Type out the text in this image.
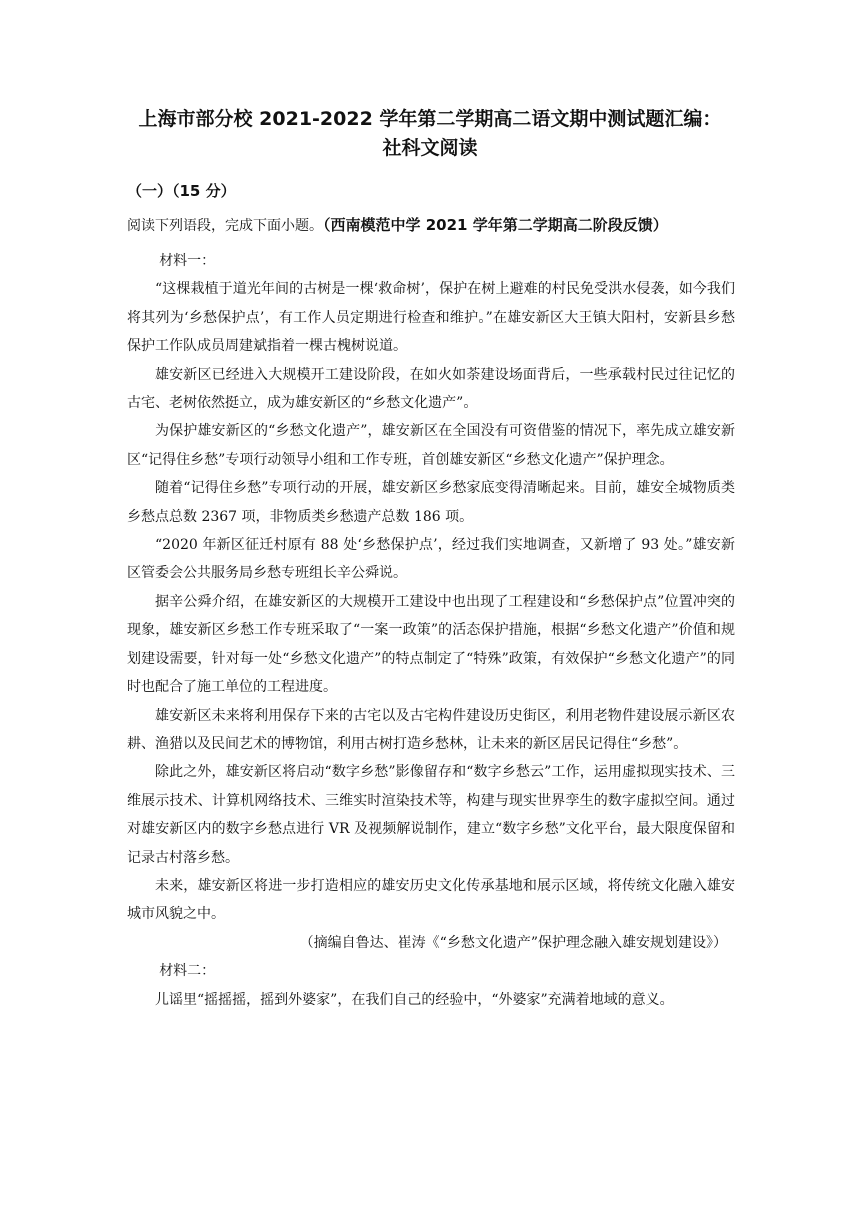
上海市部分校 2021-2022 学年第二学期高二语文期中测试题汇编：
社科文阅读
（一）（15 分）
阅读下列语段，完成下面小题。（西南模范中学 2021 学年第二学期高二阶段反馈）

材料一：

“这棵栽植于道光年间的古树是一棵‘救命树’，保护在树上避难的村民免受洪水侵袭，如今我们将其列为‘乡愁保护点’，有工作人员定期进行检查和维护。”在雄安新区大王镇大阳村，安新县乡愁保护工作队成员周建斌指着一棵古槐树说道。

雄安新区已经进入大规模开工建设阶段，在如火如荼建设场面背后，一些承载村民过往记忆的古宅、老树依然挺立，成为雄安新区的“乡愁文化遗产”。

为保护雄安新区的“乡愁文化遗产”，雄安新区在全国没有可资借鉴的情况下，率先成立雄安新区“记得住乡愁”专项行动领导小组和工作专班，首创雄安新区“乡愁文化遗产”保护理念。

随着“记得住乡愁”专项行动的开展，雄安新区乡愁家底变得清晰起来。目前，雄安全城物质类乡愁点总数 2367 项，非物质类乡愁遗产总数 186 项。

“2020 年新区征迁村原有 88 处‘乡愁保护点’，经过我们实地调查，又新增了 93 处。”雄安新区管委会公共服务局乡愁专班组长辛公舜说。

据辛公舜介绍，在雄安新区的大规模开工建设中也出现了工程建设和“乡愁保护点”位置冲突的现象，雄安新区乡愁工作专班采取了“一案一政策”的活态保护措施，根据“乡愁文化遗产”价值和规划建设需要，针对每一处“乡愁文化遗产”的特点制定了“特殊”政策，有效保护“乡愁文化遗产”的同时也配合了施工单位的工程进度。

雄安新区未来将利用保存下来的古宅以及古宅构件建设历史街区，利用老物件建设展示新区农耕、渔猎以及民间艺术的博物馆，利用古树打造乡愁林，让未来的新区居民记得住“乡愁”。

除此之外，雄安新区将启动“数字乡愁”影像留存和“数字乡愁云”工作，运用虚拟现实技术、三维展示技术、计算机网络技术、三维实时渲染技术等，构建与现实世界孪生的数字虚拟空间。通过对雄安新区内的数字乡愁点进行 VR 及视频解说制作，建立“数字乡愁”文化平台，最大限度保留和记录古村落乡愁。

未来，雄安新区将进一步打造相应的雄安历史文化传承基地和展示区域，将传统文化融入雄安城市风貌之中。

（摘编自鲁达、崔涛《“乡愁文化遗产”保护理念融入雄安规划建设》）

材料二：

儿谣里“摇摇摇，摇到外婆家”，在我们自己的经验中，“外婆家”充满着地域的意义。
